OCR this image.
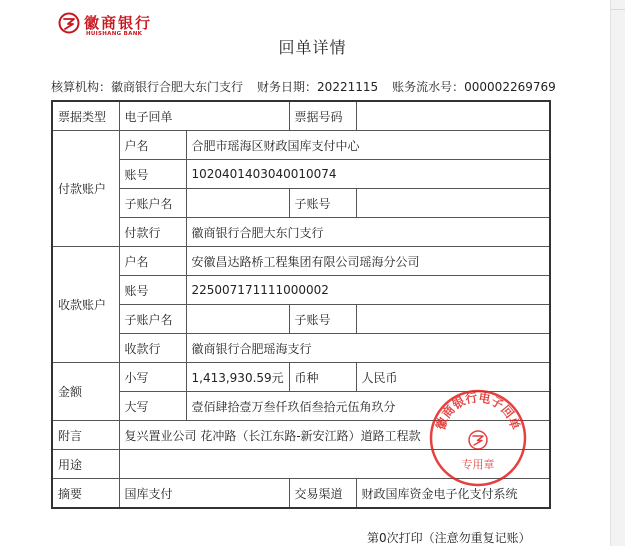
徽商银行
HUISHANG BANK
回单详情
核算机构：徽商银行合肥大东门支行 财务日期：20221115 账务流水号：000002269769
票据类型	电子回单		票据号码	
付款账户	户名	合肥市瑶海区财政国库支付中心		
	账号	1020401403040010074		
	子账户名		子账号	
	付款行	徽商银行合肥大东门支行		
收款账户	户名	安徽昌达路桥工程集团有限公司瑶海分公司		
	账号	225007171111000002		
	子账户名		子账号	
	收款行	徽商银行合肥瑶海支行		
金额	小写	1,413,930.59元	币种	人民币
	大写	壹佰肆拾壹万叁仟玖佰叁拾元伍角玖分		
附言	复兴置业公司 花冲路（长江东路-新安江路）道路工程款			
用途				
摘要	国库支付		交易渠道	财政国库资金电子化支付系统
徽商银行电子回单
专用章
第0次打印（注意勿重复记账）
